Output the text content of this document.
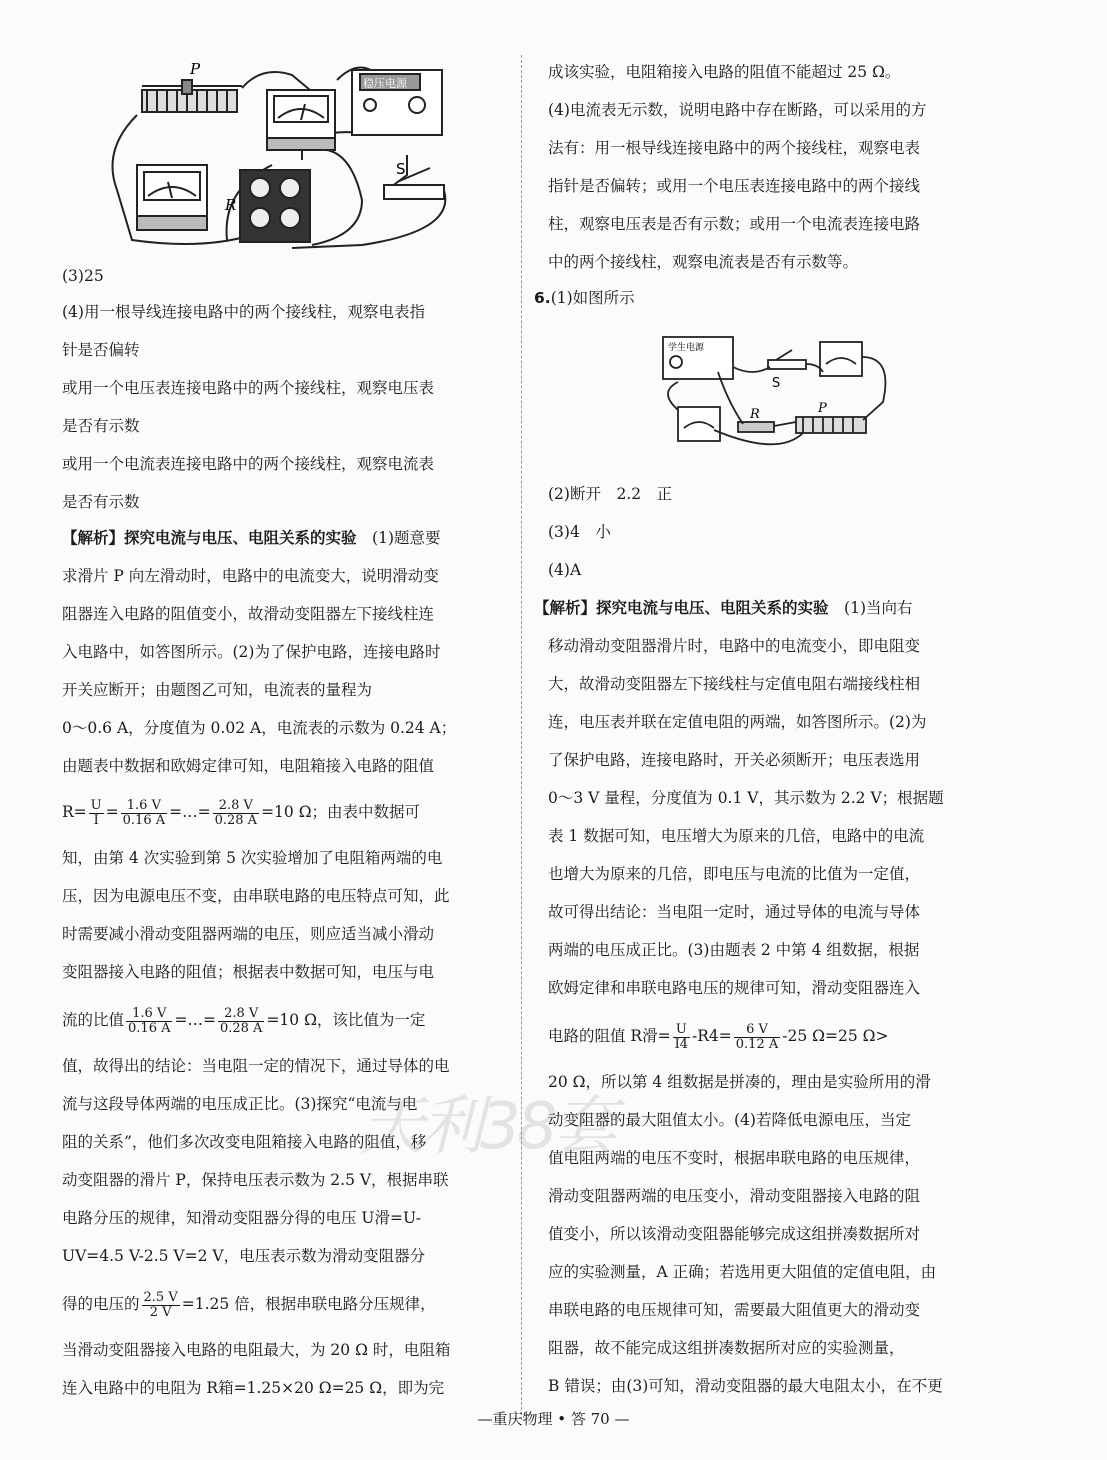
P
R
S
稳压电源
(3)25
(4)用一根导线连接电路中的两个接线柱，观察电表指
针是否偏转
或用一个电压表连接电路中的两个接线柱，观察电压表
是否有示数
或用一个电流表连接电路中的两个接线柱，观察电流表
是否有示数
【解析】探究电流与电压、电阻关系的实验　 (1)题意要
求滑片 P 向左滑动时，电路中的电流变大，说明滑动变
阻器连入电路的阻值变小，故滑动变阻器左下接线柱连
入电路中，如答图所示。(2)为了保护电路，连接电路时
开关应断开；由题图乙可知，电流表的量程为
0～0.6 A，分度值为 0.02 A，电流表的示数为 0.24 A；
由题表中数据和欧姆定律可知，电阻箱接入电路的阻值
$R= \frac{U}{I} = \frac{1.6 V}{0.16 A}$ =…= $\frac{2.8 V}{0.28 A} =10$ Ω；由表中数据可
知，由第 4 次实验到第 5 次实验增加了电阻箱两端的电
压，因为电源电压不变，由串联电路的电压特点可知，此
时需要减小滑动变阻器两端的电压，则应适当减小滑动
变阻器接入电路的阻值；根据表中数据可知，电压与电
流的比值 $\frac{1.6 V}{0.16 A}$ =…= $\frac{2.8 V}{0.28 A} =10$ Ω，该比值为一定
值，故得出的结论：当电阻一定的情况下，通过导体的电
流与这段导体两端的电压成正比。(3)探究“电流与电
阻的关系”，他们多次改变电阻箱接入电路的阻值，移
动变阻器的滑片 P，保持电压表示数为 2.5 V，根据串联
电路分压的规律，知滑动变阻器分得的电压 U滑=U-
UV=4.5 V-2.5 V=2 V，电压表示数为滑动变阻器分
得的电压的 $\frac{2.5 V}{2 V} =1.25$ 倍，根据串联电路分压规律，
当滑动变阻器接入电路的电阻最大，为 20 Ω 时，电阻箱
连入电路中的电阻为 R箱=1.25×20 Ω=25 Ω，即为完
成该实验，电阻箱接入电路的阻值不能超过 25 Ω。
(4)电流表无示数，说明电路中存在断路，可以采用的方
法有：用一根导线连接电路中的两个接线柱，观察电表
指针是否偏转；或用一个电压表连接电路中的两个接线
柱，观察电压表是否有示数；或用一个电流表连接电路
中的两个接线柱，观察电流表是否有示数等。
6.(1)如图所示
学生电源
S
R	P
(2)断开　2.2　正
(3)4　小
(4)A
【解析】探究电流与电压、电阻关系的实验　 (1)当向右
移动滑动变阻器滑片时，电路中的电流变小，即电阻变
大，故滑动变阻器左下接线柱与定值电阻右端接线柱相
连，电压表并联在定值电阻的两端，如答图所示。(2)为
了保护电路，连接电路时，开关必须断开；电压表选用
0～3 V 量程，分度值为 0.1 V，其示数为 2.2 V；根据题
表 1 数据可知，电压增大为原来的几倍，电路中的电流
也增大为原来的几倍，即电压与电流的比值为一定值，
故可得出结论：当电阻一定时，通过导体的电流与导体
两端的电压成正比。(3)由题表 2 中第 4 组数据，根据
欧姆定律和串联电路电压的规律可知，滑动变阻器连入
电路的阻值 R滑= $\frac{U}{I4} -R4= \frac{6 V}{0.12 A} -25$ Ω=25 Ω>
20 Ω，所以第 4 组数据是拼凑的，理由是实验所用的滑
动变阻器的最大阻值太小。(4)若降低电源电压，当定
值电阻两端的电压不变时，根据串联电路的电压规律，
滑动变阻器两端的电压变小，滑动变阻器接入电路的阻
值变小，所以该滑动变阻器能够完成这组拼凑数据所对
应的实验测量，A 正确；若选用更大阻值的定值电阻，由
串联电路的电压规律可知，需要最大阻值更大的滑动变
阻器，故不能完成这组拼凑数据所对应的实验测量，
B 错误；由(3)可知，滑动变阻器的最大电阻太小，在不更
天利38套
—重庆物理 • 答 70 —
